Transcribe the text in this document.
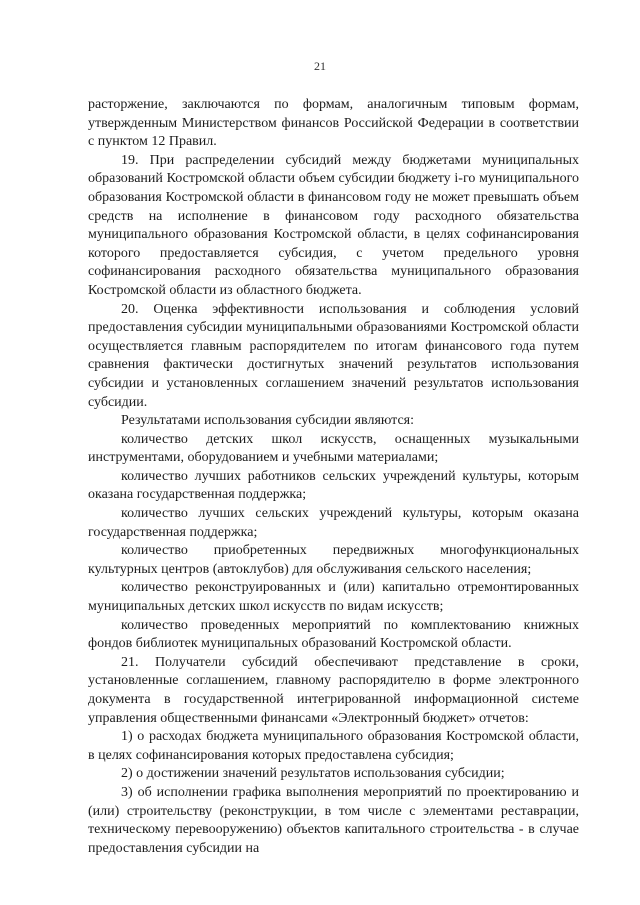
21

расторжение, заключаются по формам, аналогичным типовым формам, утвержденным Министерством финансов Российской Федерации в соответствии с пунктом 12 Правил.

19. При распределении субсидий между бюджетами муниципальных образований Костромской области объем субсидии бюджету i-го муниципального образования Костромской области в финансовом году не может превышать объем средств на исполнение в финансовом году расходного обязательства муниципального образования Костромской области, в целях софинансирования которого предоставляется субсидия, с учетом предельного уровня софинансирования расходного обязательства муниципального образования Костромской области из областного бюджета.

20. Оценка эффективности использования и соблюдения условий предоставления субсидии муниципальными образованиями Костромской области осуществляется главным распорядителем по итогам финансового года путем сравнения фактически достигнутых значений результатов использования субсидии и установленных соглашением значений результатов использования субсидии.

Результатами использования субсидии являются:

количество детских школ искусств, оснащенных музыкальными инструментами, оборудованием и учебными материалами;

количество лучших работников сельских учреждений культуры, которым оказана государственная поддержка;

количество лучших сельских учреждений культуры, которым оказана государственная поддержка;

количество приобретенных передвижных многофункциональных культурных центров (автоклубов) для обслуживания сельского населения;

количество реконструированных и (или) капитально отремонтированных муниципальных детских школ искусств по видам искусств;

количество проведенных мероприятий по комплектованию книжных фондов библиотек муниципальных образований Костромской области.

21. Получатели субсидий обеспечивают представление в сроки, установленные соглашением, главному распорядителю в форме электронного документа в государственной интегрированной информационной системе управления общественными финансами «Электронный бюджет» отчетов:

1) о расходах бюджета муниципального образования Костромской области, в целях софинансирования которых предоставлена субсидия;

2) о достижении значений результатов использования субсидии;

3) об исполнении графика выполнения мероприятий по проектированию и (или) строительству (реконструкции, в том числе с элементами реставрации, техническому перевооружению) объектов капитального строительства - в случае предоставления субсидии на
